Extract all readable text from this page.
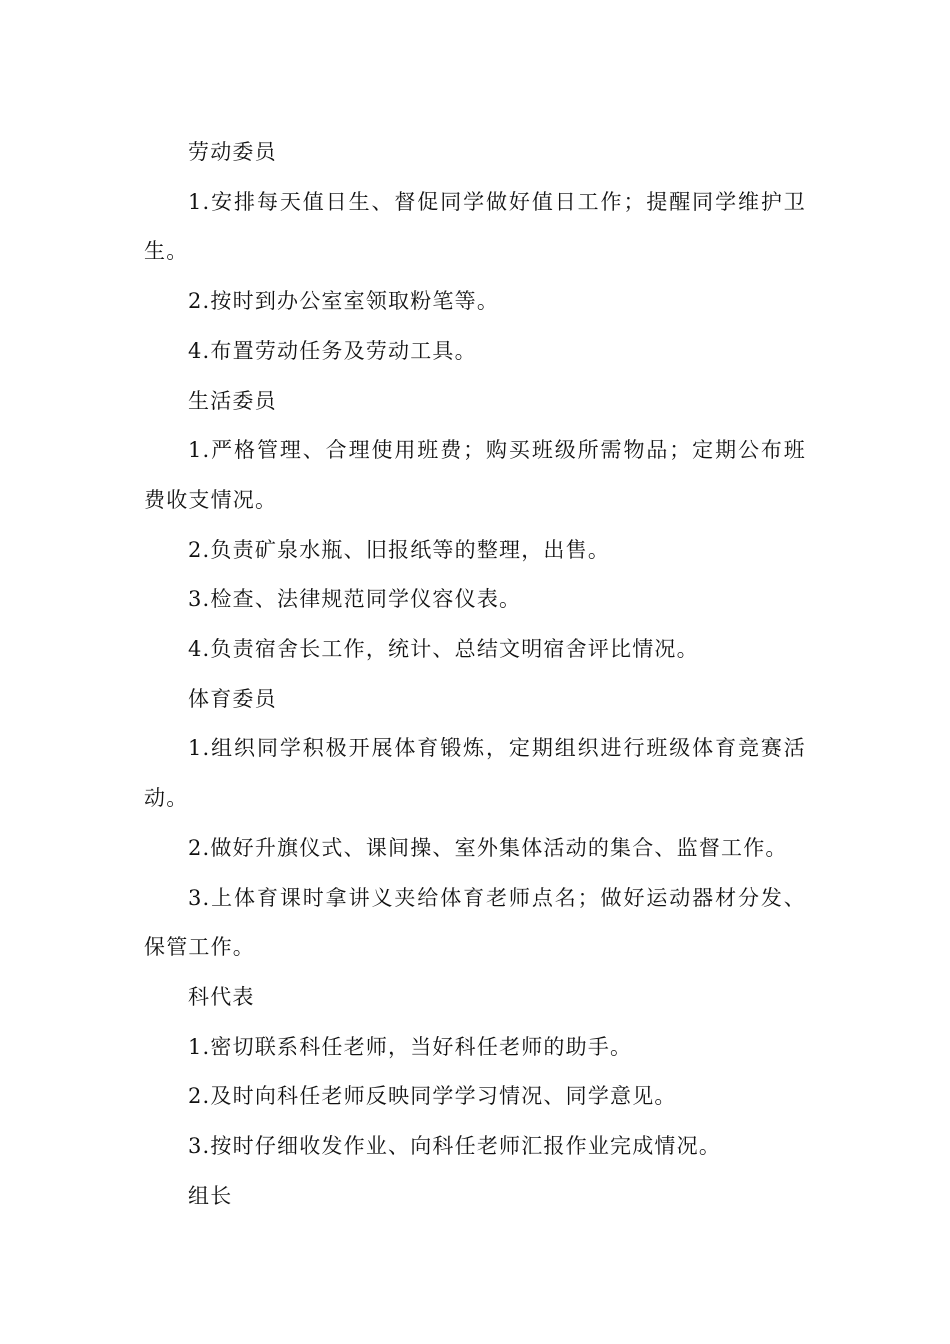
劳动委员

1.安排每天值日生、督促同学做好值日工作；提醒同学维护卫生。

2.按时到办公室室领取粉笔等。

4.布置劳动任务及劳动工具。

生活委员

1.严格管理、合理使用班费；购买班级所需物品；定期公布班费收支情况。

2.负责矿泉水瓶、旧报纸等的整理，出售。

3.检查、法律规范同学仪容仪表。

4.负责宿舍长工作，统计、总结文明宿舍评比情况。

体育委员

1.组织同学积极开展体育锻炼，定期组织进行班级体育竞赛活动。

2.做好升旗仪式、课间操、室外集体活动的集合、监督工作。

3.上体育课时拿讲义夹给体育老师点名；做好运动器材分发、保管工作。

科代表

1.密切联系科任老师，当好科任老师的助手。

2.及时向科任老师反映同学学习情况、同学意见。

3.按时仔细收发作业、向科任老师汇报作业完成情况。

组长
